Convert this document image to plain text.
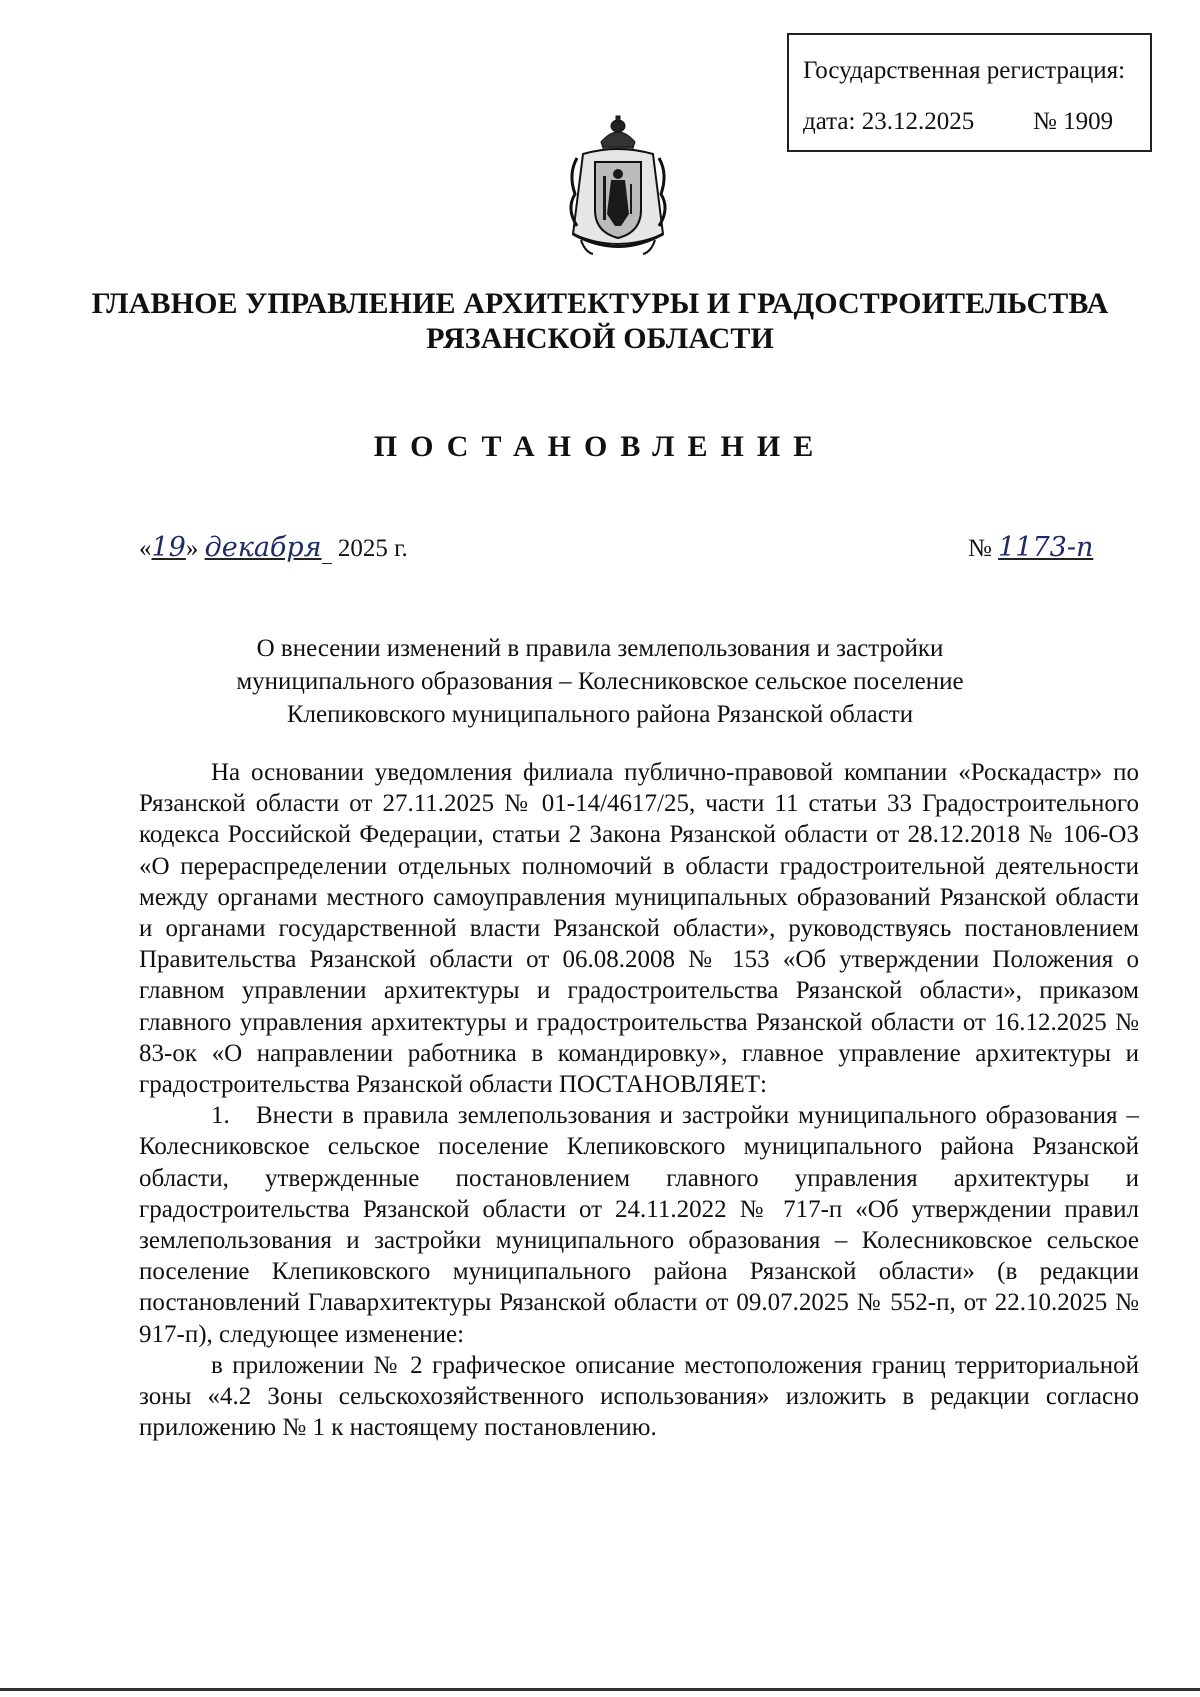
Государственная регистрация:
дата: 23.12.2025 № 1909
ГЛАВНОЕ УПРАВЛЕНИЕ АРХИТЕКТУРЫ И ГРАДОСТРОИТЕЛЬСТВА
РЯЗАНСКОЙ ОБЛАСТИ
ПОСТАНОВЛЕНИЕ
«19» декабря 2025 г.	№ 1173-п
О внесении изменений в правила землепользования и застройки
муниципального образования – Колесниковское сельское поселение
Клепиковского муниципального района Рязанской области

На основании уведомления филиала публично-правовой компании «Роскадастр» по Рязанской области от 27.11.2025 № 01-14/4617/25, части 11 статьи 33 Градостроительного кодекса Российской Федерации, статьи 2 Закона Рязанской области от 28.12.2018 № 106-ОЗ «О перераспределении отдельных полномочий в области градостроительной деятельности между органами местного самоуправления муниципальных образований Рязанской области и органами государственной власти Рязанской области», руководствуясь постановлением Правительства Рязанской области от 06.08.2008 № 153 «Об утверждении Положения о главном управлении архитектуры и градостроительства Рязанской области», приказом главного управления архитектуры и градостроительства Рязанской области от 16.12.2025 № 83-ок «О направлении работника в командировку», главное управление архитектуры и градостроительства Рязанской области ПОСТАНОВЛЯЕТ:

1. Внести в правила землепользования и застройки муниципального образования – Колесниковское сельское поселение Клепиковского муниципального района Рязанской области, утвержденные постановлением главного управления архитектуры и градостроительства Рязанской области от 24.11.2022 № 717-п «Об утверждении правил землепользования и застройки муниципального образования – Колесниковское сельское поселение Клепиковского муниципального района Рязанской области» (в редакции постановлений Главархитектуры Рязанской области от 09.07.2025 № 552-п, от 22.10.2025 № 917-п), следующее изменение:

в приложении № 2 графическое описание местоположения границ территориальной зоны «4.2 Зоны сельскохозяйственного использования» изложить в редакции согласно приложению № 1 к настоящему постановлению.
